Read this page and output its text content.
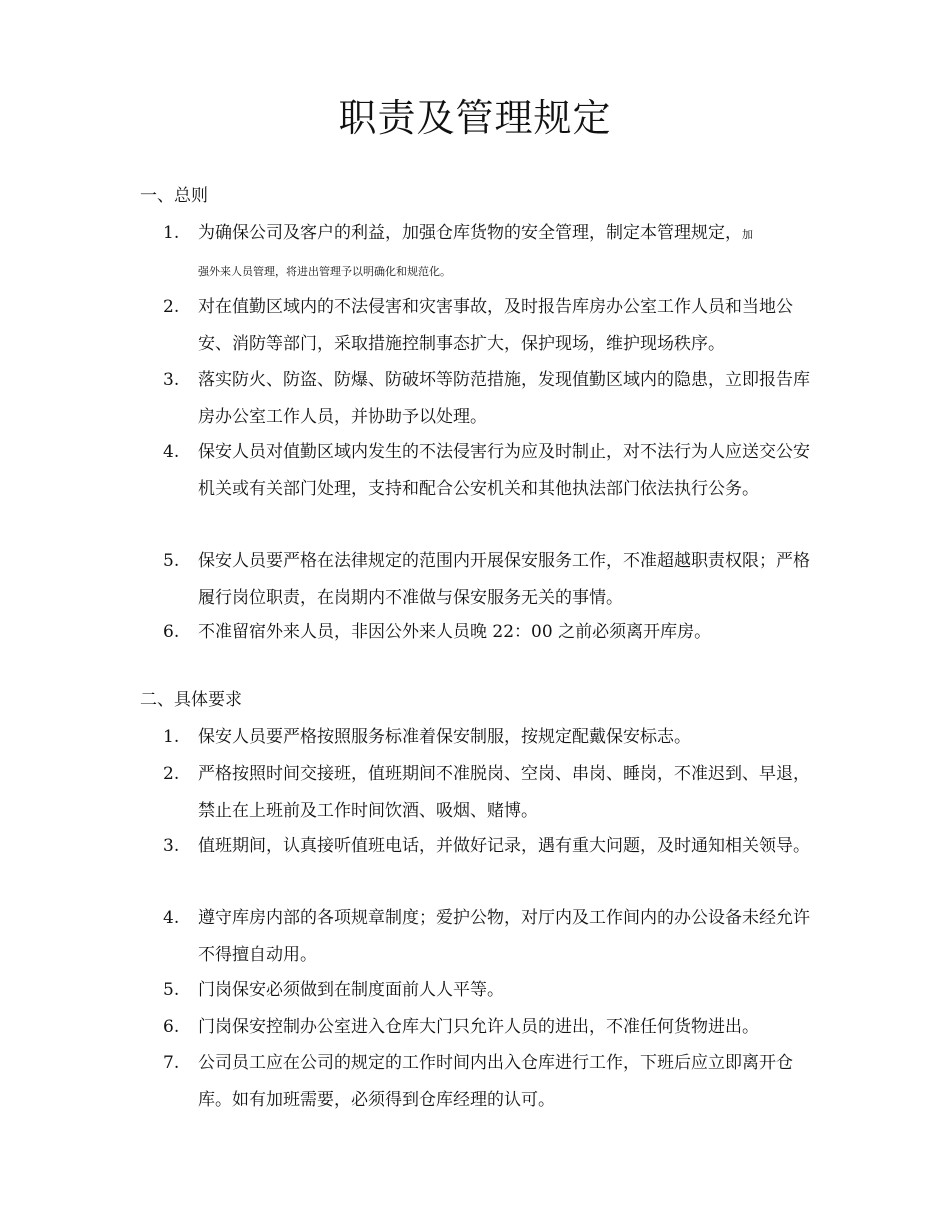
职责及管理规定
一、总则
1.	为确保公司及客户的利益，加强仓库货物的安全管理，制定本管理规定，加
强外来人员管理，将进出管理予以明确化和规范化。
2.	对在值勤区域内的不法侵害和灾害事故，及时报告库房办公室工作人员和当地公安、消防等部门，采取措施控制事态扩大，保护现场，维护现场秩序。
3.	落实防火、防盗、防爆、防破坏等防范措施，发现值勤区域内的隐患，立即报告库房办公室工作人员，并协助予以处理。
4.	保安人员对值勤区域内发生的不法侵害行为应及时制止，对不法行为人应送交公安机关或有关部门处理，支持和配合公安机关和其他执法部门依法执行公务。
5.	保安人员要严格在法律规定的范围内开展保安服务工作，不准超越职责权限；严格履行岗位职责，在岗期内不准做与保安服务无关的事情。
6.	不准留宿外来人员，非因公外来人员晚 22：00 之前必须离开库房。
二、具体要求
1.	保安人员要严格按照服务标准着保安制服，按规定配戴保安标志。
2.	严格按照时间交接班，值班期间不准脱岗、空岗、串岗、睡岗，不准迟到、早退，禁止在上班前及工作时间饮酒、吸烟、赌博。
3.	值班期间，认真接听值班电话，并做好记录，遇有重大问题，及时通知相关领导。
4.	遵守库房内部的各项规章制度；爱护公物，对厅内及工作间内的办公设备未经允许不得擅自动用。
5.	门岗保安必须做到在制度面前人人平等。
6.	门岗保安控制办公室进入仓库大门只允许人员的进出，不准任何货物进出。
7.	公司员工应在公司的规定的工作时间内出入仓库进行工作，下班后应立即离开仓库。如有加班需要，必须得到仓库经理的认可。
